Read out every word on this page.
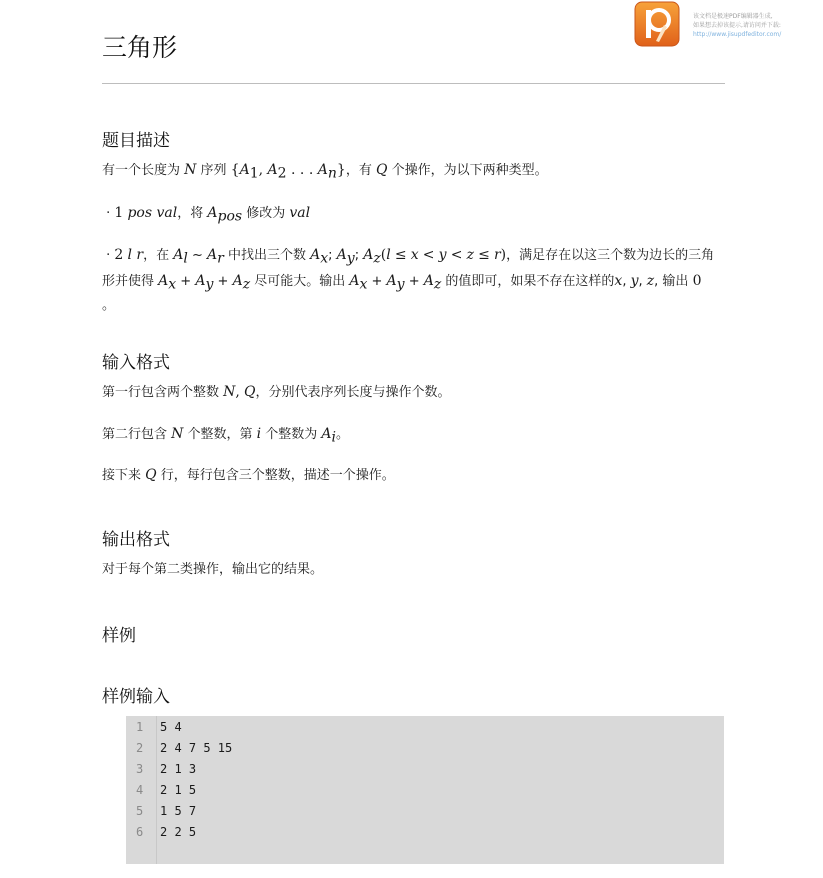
该文档是极速PDF编辑器生成,
如果想去掉该提示,请访问并下载:
http://www.jisupdfeditor.com/
三角形
题目描述

有一个长度为 N 序列 {$A_1$, $A_2$ . . . $A_n$}，有 Q 个操作，为以下两种类型。

· 1 pos val，将 $A_{pos}$ 修改为 val

· 2 l r，在 $A_l$ ~ $A_r$ 中找出三个数 $A_x$; $A_y$; $A_z(l \le x < y < z \le r)$，满足存在以这三个数为边长的三角形并使得 $A_x + A_y + A_z$ 尽可能大。输出 $A_x + A_y + A_z$ 的值即可，如果不存在这样的x, y, z, 输出 0
。

输入格式

第一行包含两个整数 N, Q，分别代表序列长度与操作个数。

第二行包含 N 个整数，第 i 个整数为 $A_i$。

接下来 Q 行，每行包含三个整数，描述一个操作。

输出格式

对于每个第二类操作，输出它的结果。

样例
样例输入
1	5 4
2	2 4 7 5 15
3	2 1 3
4	2 1 5
5	1 5 7
6	2 2 5
